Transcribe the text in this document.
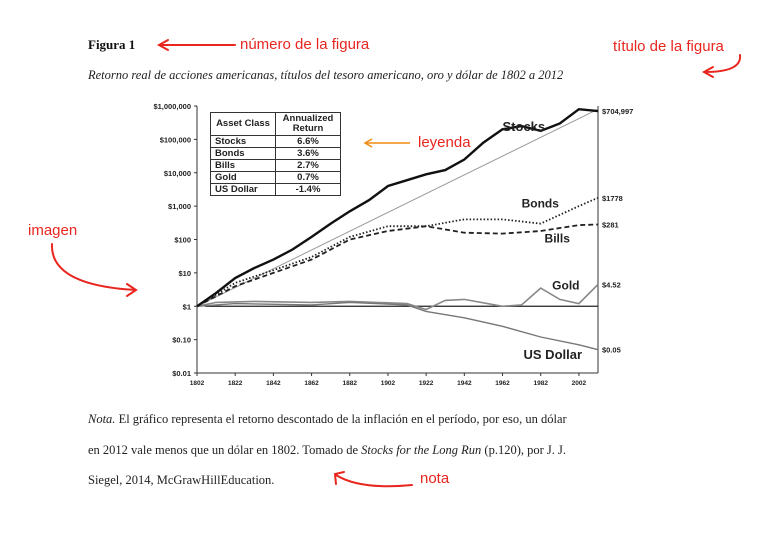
Figura 1	número de la figura	título de la figura
Retorno real de acciones americanas, títulos del tesoro americano, oro y dólar de 1802 a 2012
imagen
leyenda
$0.01
$0.10
$1
$10
$100
$1,000
$10,000
$100,000
$1,000,000
1802	1822	1842	1862	1882	1902	1922	1942	1962	1982	2002
$281
$1778
$4.52
$0.05
$704,997
Stocks
Bonds
Bills
Gold
US Dollar
Asset Class	Annualized Return
Stocks	6.6%
Bonds	3.6%
Bills	2.7%
Gold	0.7%
US Dollar	-1.4%
Nota. El gráfico representa el retorno descontado de la inflación en el período, por eso, un dólar
en 2012 vale menos que un dólar en 1802. Tomado de Stocks for the Long Run (p.120), por J. J.
Siegel, 2014, McGrawHillEducation.	nota
